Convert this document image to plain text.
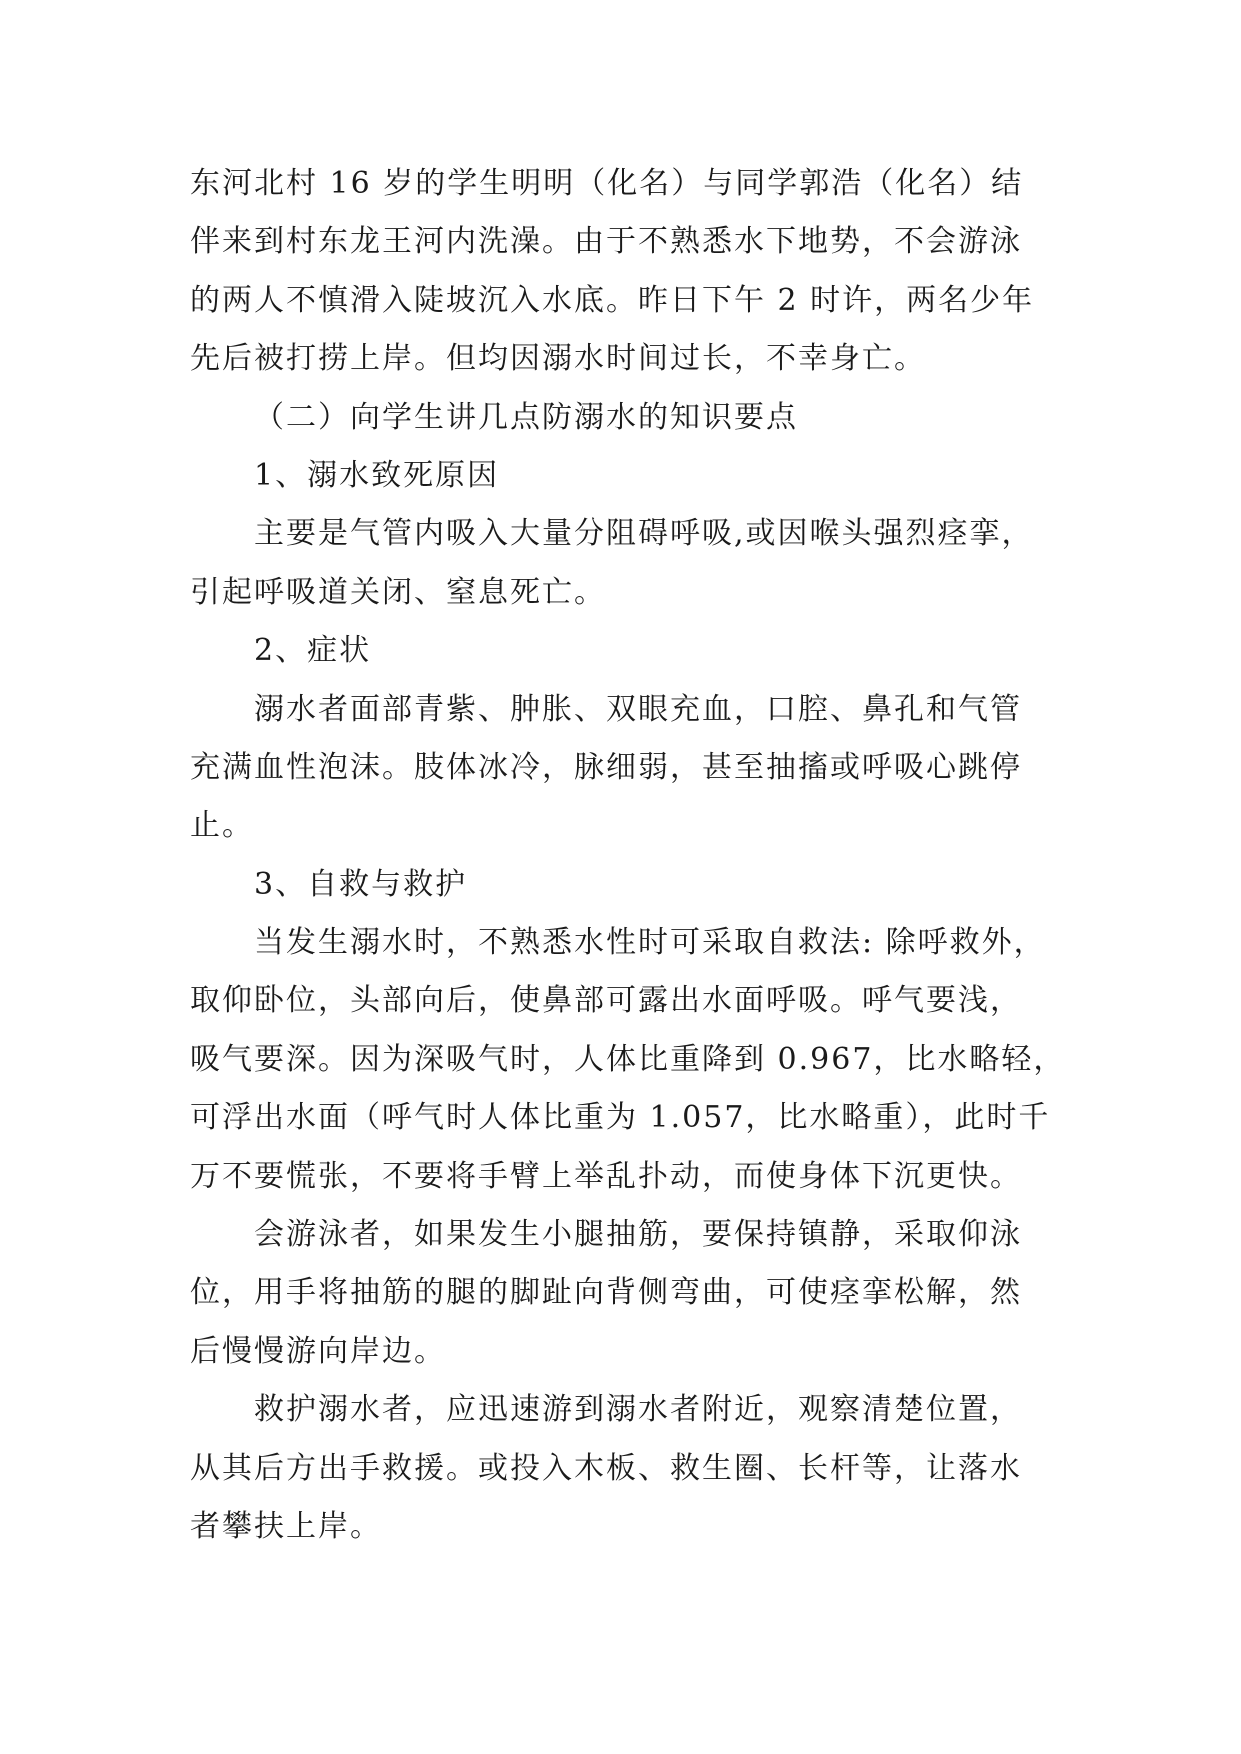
东河北村 16 岁的学生明明（化名）与同学郭浩（化名）结
伴来到村东龙王河内洗澡。由于不熟悉水下地势，不会游泳
的两人不慎滑入陡坡沉入水底。昨日下午 2 时许，两名少年
先后被打捞上岸。但均因溺水时间过长，不幸身亡。
（二）向学生讲几点防溺水的知识要点
1、溺水致死原因
主要是气管内吸入大量分阻碍呼吸,或因喉头强烈痉挛，
引起呼吸道关闭、窒息死亡。
2、症状
溺水者面部青紫、肿胀、双眼充血，口腔、鼻孔和气管
充满血性泡沫。肢体冰冷，脉细弱，甚至抽搐或呼吸心跳停
止。
3、自救与救护
当发生溺水时，不熟悉水性时可采取自救法: 除呼救外，
取仰卧位，头部向后，使鼻部可露出水面呼吸。呼气要浅，
吸气要深。因为深吸气时，人体比重降到 0.967，比水略轻，
可浮出水面（呼气时人体比重为 1.057，比水略重），此时千
万不要慌张，不要将手臂上举乱扑动，而使身体下沉更快。
会游泳者，如果发生小腿抽筋，要保持镇静，采取仰泳
位，用手将抽筋的腿的脚趾向背侧弯曲，可使痉挛松解，然
后慢慢游向岸边。
救护溺水者，应迅速游到溺水者附近，观察清楚位置，
从其后方出手救援。或投入木板、救生圈、长杆等，让落水
者攀扶上岸。
